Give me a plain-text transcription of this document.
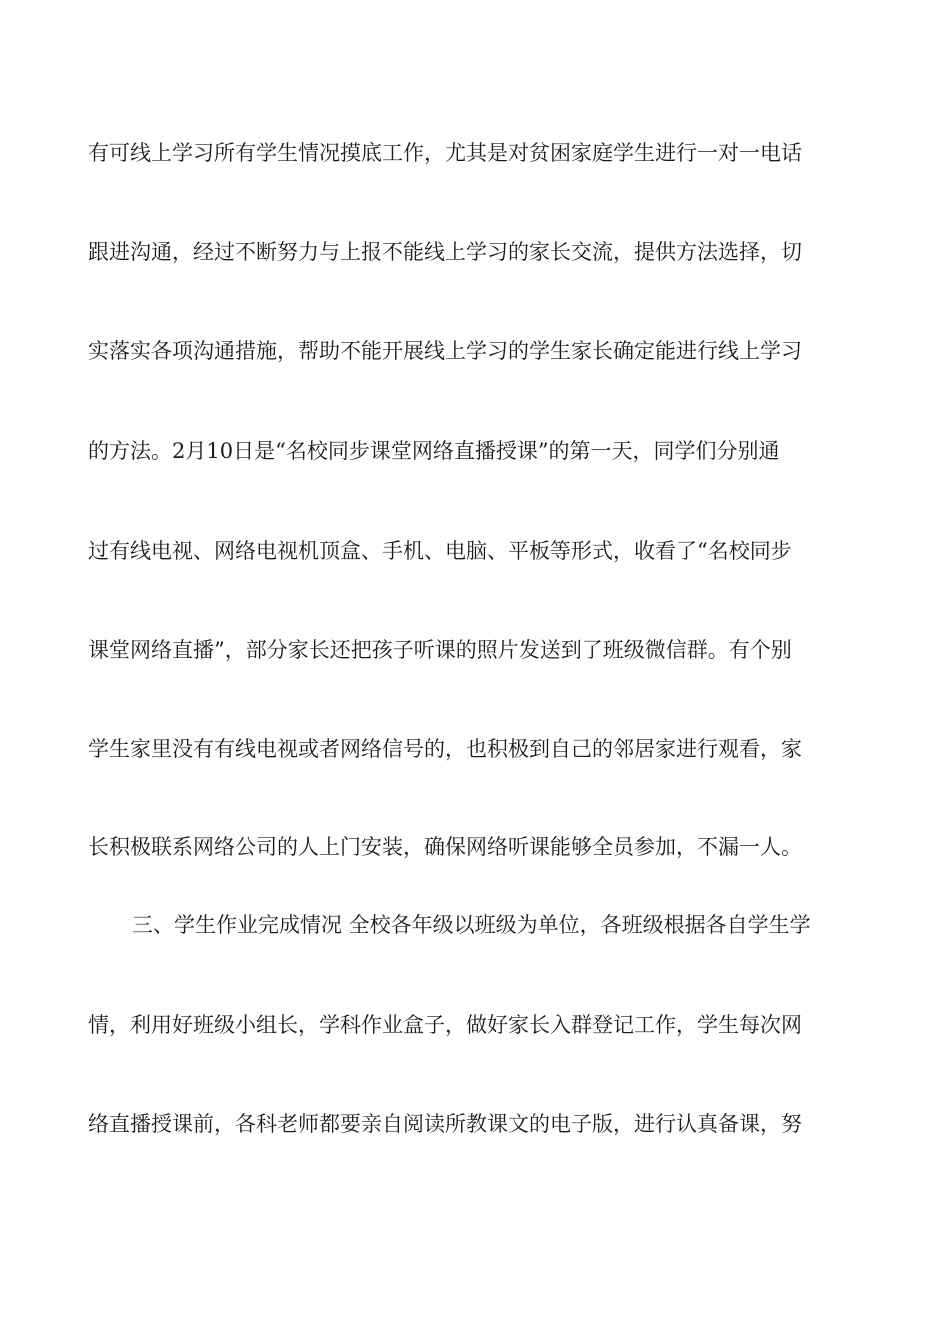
有可线上学习所有学生情况摸底工作，尤其是对贫困家庭学生进行一对一电话
跟进沟通，经过不断努力与上报不能线上学习的家长交流，提供方法选择，切
实落实各项沟通措施，帮助不能开展线上学习的学生家长确定能进行线上学习
的方法。2月10日是“名校同步课堂网络直播授课”的第一天，同学们分别通
过有线电视、网络电视机顶盒、手机、电脑、平板等形式，收看了“名校同步
课堂网络直播”，部分家长还把孩子听课的照片发送到了班级微信群。有个别
学生家里没有有线电视或者网络信号的，也积极到自己的邻居家进行观看，家
长积极联系网络公司的人上门安装，确保网络听课能够全员参加，不漏一人。
三、学生作业完成情况 全校各年级以班级为单位，各班级根据各自学生学
情，利用好班级小组长，学科作业盒子，做好家长入群登记工作，学生每次网
络直播授课前，各科老师都要亲自阅读所教课文的电子版，进行认真备课，努
